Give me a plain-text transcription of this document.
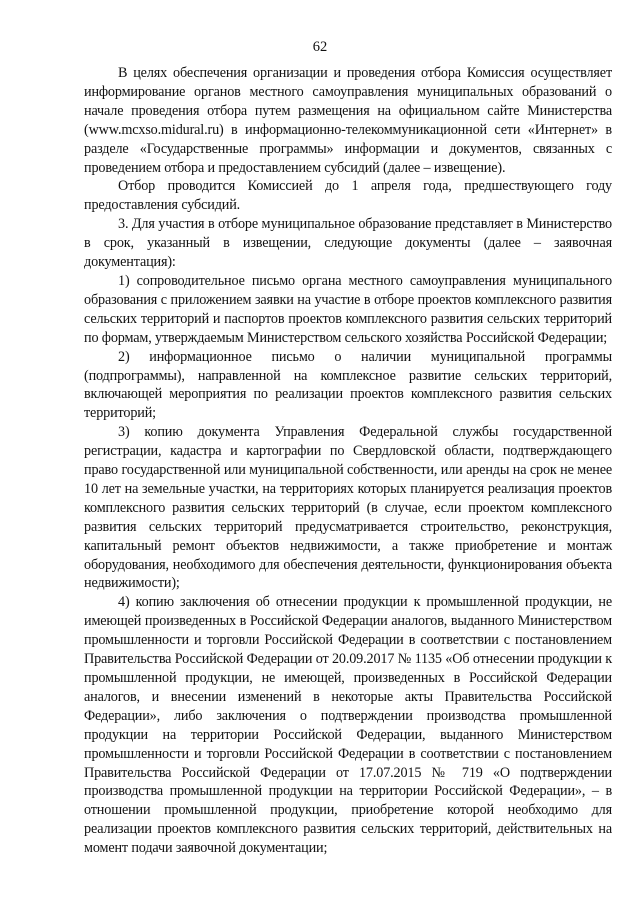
62

В целях обеспечения организации и проведения отбора Комиссия осуществляет информирование органов местного самоуправления муниципальных образований о начале проведения отбора путем размещения на официальном сайте Министерства (www.mcxso.midural.ru) в информационно-телекоммуникационной сети «Интернет» в разделе «Государственные программы» информации и документов, связанных с проведением отбора и предоставлением субсидий (далее – извещение).

Отбор проводится Комиссией до 1 апреля года, предшествующего году предоставления субсидий.

3. Для участия в отборе муниципальное образование представляет в Министерство в срок, указанный в извещении, следующие документы (далее – заявочная документация):

1) сопроводительное письмо органа местного самоуправления муниципального образования с приложением заявки на участие в отборе проектов комплексного развития сельских территорий и паспортов проектов комплексного развития сельских территорий по формам, утверждаемым Министерством сельского хозяйства Российской Федерации;

2) информационное письмо о наличии муниципальной программы (подпрограммы), направленной на комплексное развитие сельских территорий, включающей мероприятия по реализации проектов комплексного развития сельских территорий;

3) копию документа Управления Федеральной службы государственной регистрации, кадастра и картографии по Свердловской области, подтверждающего право государственной или муниципальной собственности, или аренды на срок не менее 10 лет на земельные участки, на территориях которых планируется реализация проектов комплексного развития сельских территорий (в случае, если проектом комплексного развития сельских территорий предусматривается строительство, реконструкция, капитальный ремонт объектов недвижимости, а также приобретение и монтаж оборудования, необходимого для обеспечения деятельности, функционирования объекта недвижимости);

4) копию заключения об отнесении продукции к промышленной продукции, не имеющей произведенных в Российской Федерации аналогов, выданного Министерством промышленности и торговли Российской Федерации в соответствии с постановлением Правительства Российской Федерации от 20.09.2017 № 1135 «Об отнесении продукции к промышленной продукции, не имеющей, произведенных в Российской Федерации аналогов, и внесении изменений в некоторые акты Правительства Российской Федерации», либо заключения о подтверждении производства промышленной продукции на территории Российской Федерации, выданного Министерством промышленности и торговли Российской Федерации в соответствии с постановлением Правительства Российской Федерации от 17.07.2015 № 719 «О подтверждении производства промышленной продукции на территории Российской Федерации», – в отношении промышленной продукции, приобретение которой необходимо для реализации проектов комплексного развития сельских территорий, действительных на момент подачи заявочной документации;
